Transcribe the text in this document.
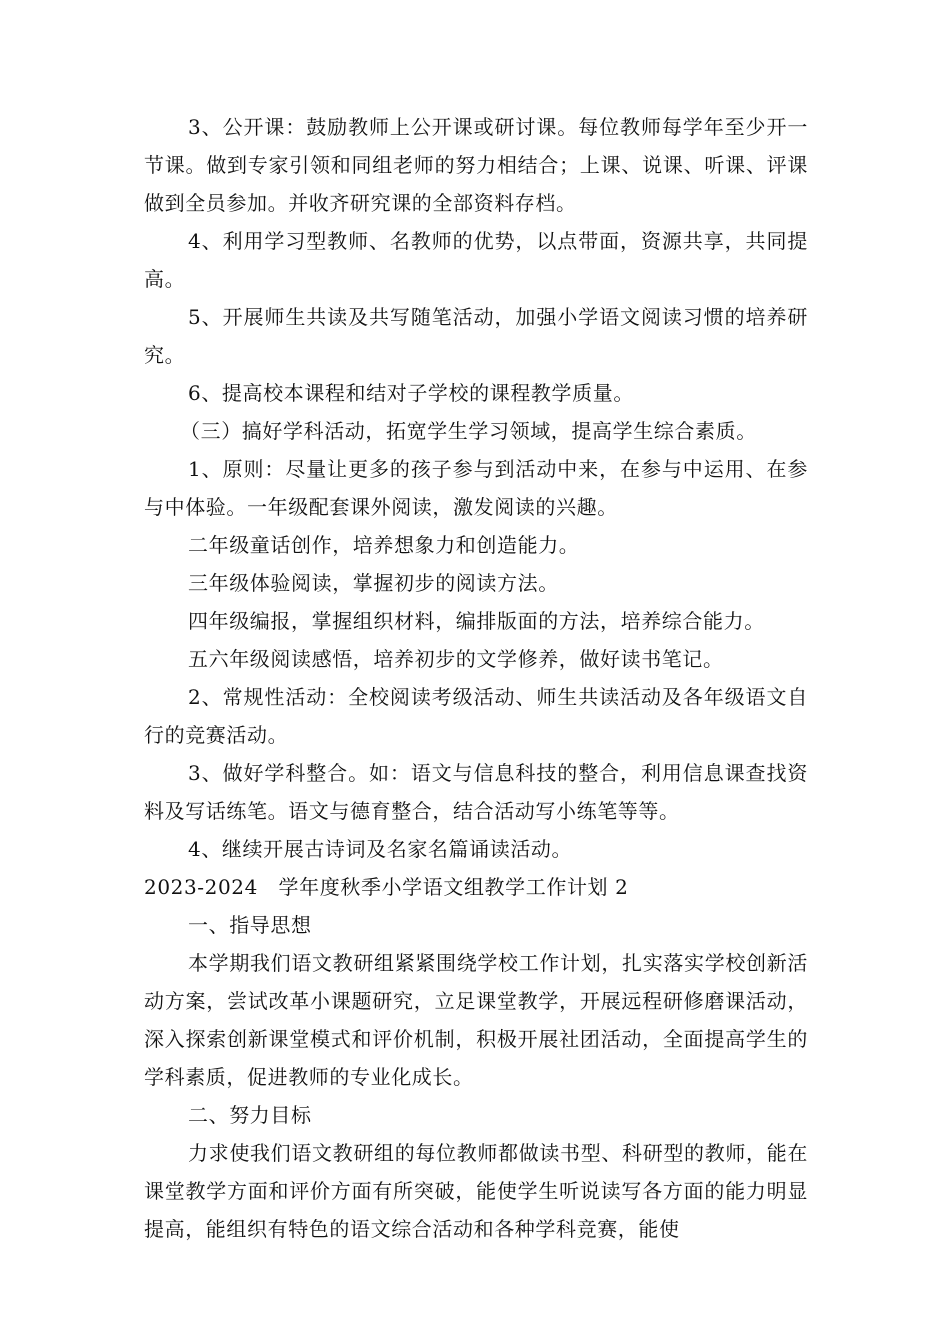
3、公开课：鼓励教师上公开课或研讨课。每位教师每学年至少开一节课。做到专家引领和同组老师的努力相结合；上课、说课、听课、评课做到全员参加。并收齐研究课的全部资料存档。

4、利用学习型教师、名教师的优势，以点带面，资源共享，共同提高。

5、开展师生共读及共写随笔活动，加强小学语文阅读习惯的培养研究。

6、提高校本课程和结对子学校的课程教学质量。

（三）搞好学科活动，拓宽学生学习领域，提高学生综合素质。

1、原则：尽量让更多的孩子参与到活动中来，在参与中运用、在参与中体验。一年级配套课外阅读，激发阅读的兴趣。

二年级童话创作，培养想象力和创造能力。

三年级体验阅读，掌握初步的阅读方法。

四年级编报，掌握组织材料，编排版面的方法，培养综合能力。

五六年级阅读感悟，培养初步的文学修养，做好读书笔记。

2、常规性活动：全校阅读考级活动、师生共读活动及各年级语文自行的竞赛活动。

3、做好学科整合。如：语文与信息科技的整合，利用信息课查找资料及写话练笔。语文与德育整合，结合活动写小练笔等等。

4、继续开展古诗词及名家名篇诵读活动。

2023-2024　学年度秋季小学语文组教学工作计划 2

一、指导思想

本学期我们语文教研组紧紧围绕学校工作计划，扎实落实学校创新活动方案，尝试改革小课题研究，立足课堂教学，开展远程研修磨课活动，深入探索创新课堂模式和评价机制，积极开展社团活动，全面提高学生的学科素质，促进教师的专业化成长。

二、努力目标

力求使我们语文教研组的每位教师都做读书型、科研型的教师，能在课堂教学方面和评价方面有所突破，能使学生听说读写各方面的能力明显提高，能组织有特色的语文综合活动和各种学科竞赛，能使
